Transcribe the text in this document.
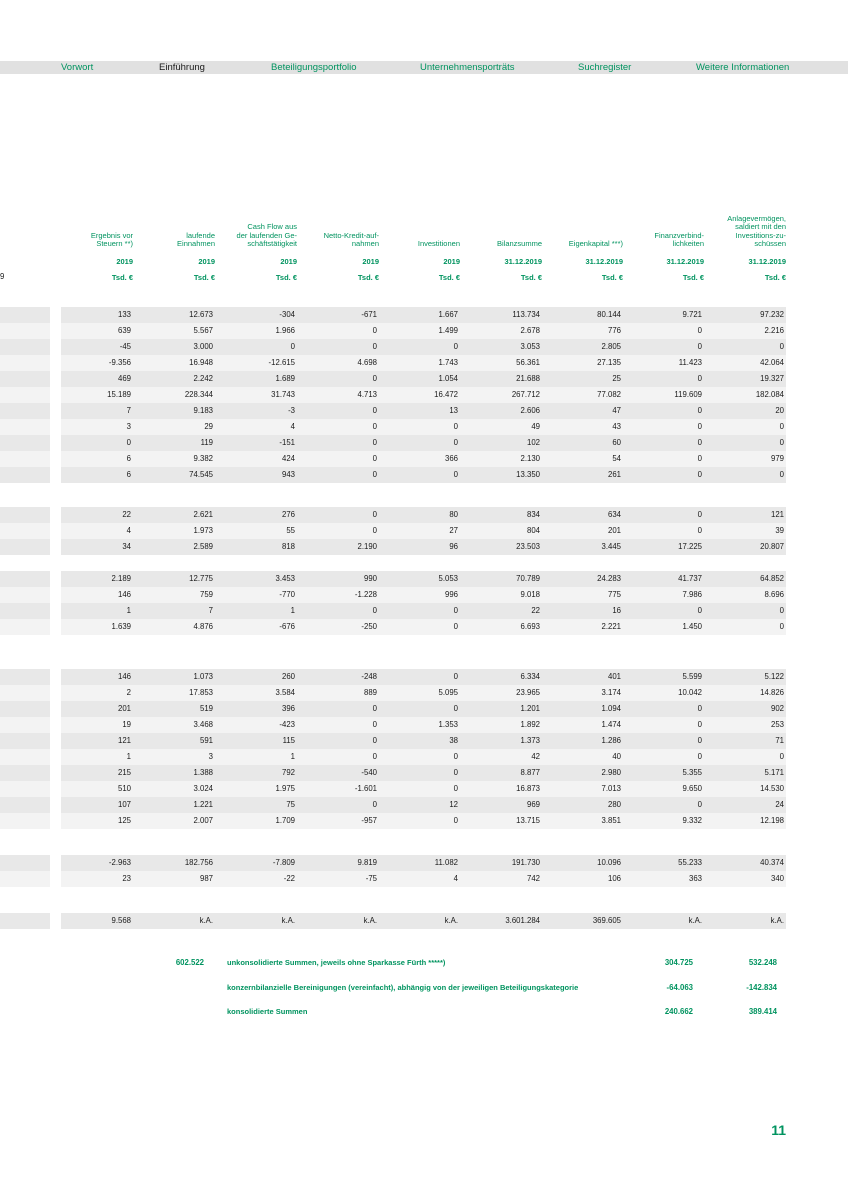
Vorwort	Einführung	Beteiligungsportfolio	Unternehmensporträts	Suchregister	Weitere Informationen
Ergebnis vor
Steuern **)
2019
Tsd. €
laufende
Einnahmen
2019
Tsd. €
Cash Flow aus
der laufenden Ge-
schäftstätigkeit
2019
Tsd. €
Netto-Kredit-auf-
nahmen
2019
Tsd. €
Investitionen
2019
Tsd. €
Bilanzsumme
31.12.2019
Tsd. €
Eigenkapital ***)
31.12.2019
Tsd. €
Finanzverbind-
lichkeiten
31.12.2019
Tsd. €
Anlagevermögen,
saldiert mit den
Investitions-zu-
schüssen
31.12.2019
Tsd. €
133	12.673	-304	-671	1.667	113.734	80.144	9.721	97.232
639	5.567	1.966	0	1.499	2.678	776	0	2.216
-45	3.000	0	0	0	3.053	2.805	0	0
-9.356	16.948	-12.615	4.698	1.743	56.361	27.135	11.423	42.064
469	2.242	1.689	0	1.054	21.688	25	0	19.327
15.189	228.344	31.743	4.713	16.472	267.712	77.082	119.609	182.084
7	9.183	-3	0	13	2.606	47	0	20
3	29	4	0	0	49	43	0	0
0	119	-151	0	0	102	60	0	0
6	9.382	424	0	366	2.130	54	0	979
6	74.545	943	0	0	13.350	261	0	0
22	2.621	276	0	80	834	634	0	121
4	1.973	55	0	27	804	201	0	39
34	2.589	818	2.190	96	23.503	3.445	17.225	20.807
2.189	12.775	3.453	990	5.053	70.789	24.283	41.737	64.852
146	759	-770	-1.228	996	9.018	775	7.986	8.696
1	7	1	0	0	22	16	0	0
1.639	4.876	-676	-250	0	6.693	2.221	1.450	0
146	1.073	260	-248	0	6.334	401	5.599	5.122
2	17.853	3.584	889	5.095	23.965	3.174	10.042	14.826
201	519	396	0	0	1.201	1.094	0	902
19	3.468	-423	0	1.353	1.892	1.474	0	253
121	591	115	0	38	1.373	1.286	0	71
1	3	1	0	0	42	40	0	0
215	1.388	792	-540	0	8.877	2.980	5.355	5.171
510	3.024	1.975	-1.601	0	16.873	7.013	9.650	14.530
107	1.221	75	0	12	969	280	0	24
125	2.007	1.709	-957	0	13.715	3.851	9.332	12.198
-2.963	182.756	-7.809	9.819	11.082	191.730	10.096	55.233	40.374
23	987	-22	-75	4	742	106	363	340
9.568	k.A.	k.A.	k.A.	k.A.	3.601.284	369.605	k.A.	k.A.
9
602.522	unkonsolidierte Summen, jeweils ohne Sparkasse Fürth *****)	304.725	532.248
konzernbilanzielle Bereinigungen (vereinfacht), abhängig von der jeweiligen Beteiligungskategorie	-64.063	-142.834
konsolidierte Summen	240.662	389.414
11
